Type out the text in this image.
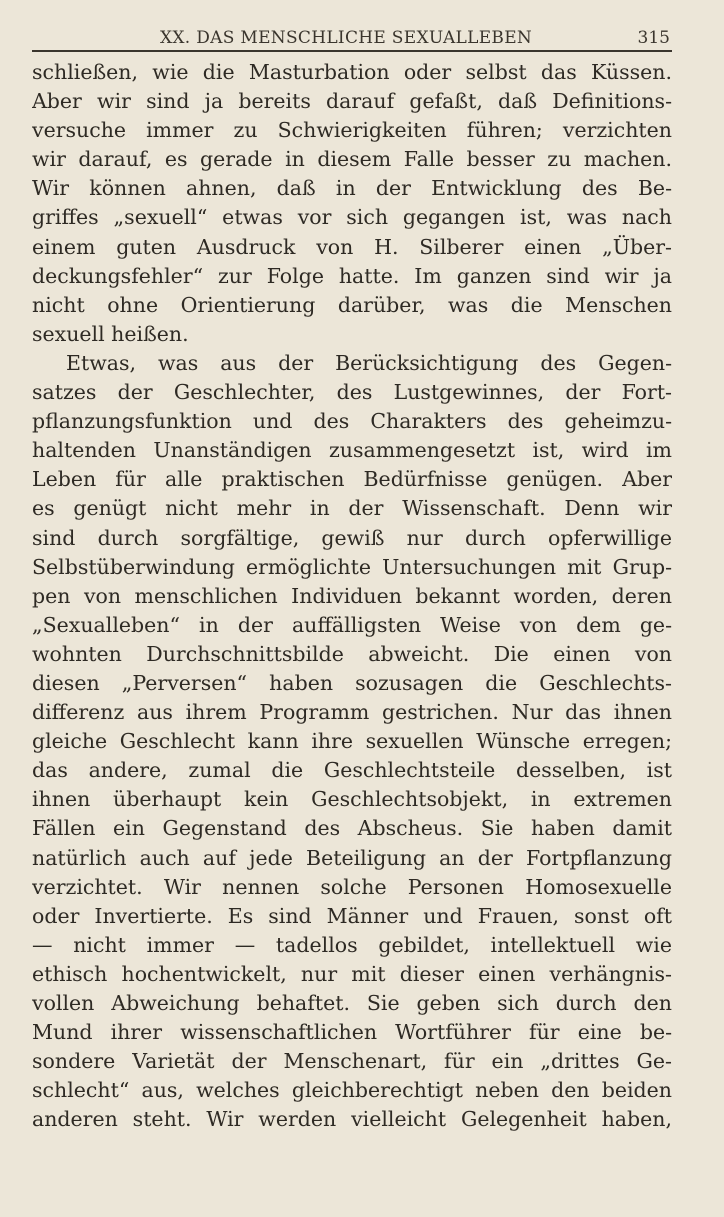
XX. DAS MENSCHLICHE SEXUALLEBEN	315
schließen, wie die Masturbation oder selbst das Küssen.
Aber wir sind ja bereits darauf gefaßt, daß Definitions-
versuche immer zu Schwierigkeiten führen; verzichten
wir darauf, es gerade in diesem Falle besser zu machen.
Wir können ahnen, daß in der Entwicklung des Be-
griffes „sexuell“ etwas vor sich gegangen ist, was nach
einem guten Ausdruck von H. Silberer einen „Über-
deckungsfehler“ zur Folge hatte. Im ganzen sind wir ja
nicht ohne Orientierung darüber, was die Menschen
sexuell heißen.
Etwas, was aus der Berücksichtigung des Gegen-
satzes der Geschlechter, des Lustgewinnes, der Fort-
pflanzungsfunktion und des Charakters des geheimzu-
haltenden Unanständigen zusammengesetzt ist, wird im
Leben für alle praktischen Bedürfnisse genügen. Aber
es genügt nicht mehr in der Wissenschaft. Denn wir
sind durch sorgfältige, gewiß nur durch opferwillige
Selbstüberwindung ermöglichte Untersuchungen mit Grup-
pen von menschlichen Individuen bekannt worden, deren
„Sexualleben“ in der auffälligsten Weise von dem ge-
wohnten Durchschnittsbilde abweicht. Die einen von
diesen „Perversen“ haben sozusagen die Geschlechts-
differenz aus ihrem Programm gestrichen. Nur das ihnen
gleiche Geschlecht kann ihre sexuellen Wünsche erregen;
das andere, zumal die Geschlechtsteile desselben, ist
ihnen überhaupt kein Geschlechtsobjekt, in extremen
Fällen ein Gegenstand des Abscheus. Sie haben damit
natürlich auch auf jede Beteiligung an der Fortpflanzung
verzichtet. Wir nennen solche Personen Homosexuelle
oder Invertierte. Es sind Männer und Frauen, sonst oft
— nicht immer — tadellos gebildet, intellektuell wie
ethisch hochentwickelt, nur mit dieser einen verhängnis-
vollen Abweichung behaftet. Sie geben sich durch den
Mund ihrer wissenschaftlichen Wortführer für eine be-
sondere Varietät der Menschenart, für ein „drittes Ge-
schlecht“ aus, welches gleichberechtigt neben den beiden
anderen steht. Wir werden vielleicht Gelegenheit haben,
